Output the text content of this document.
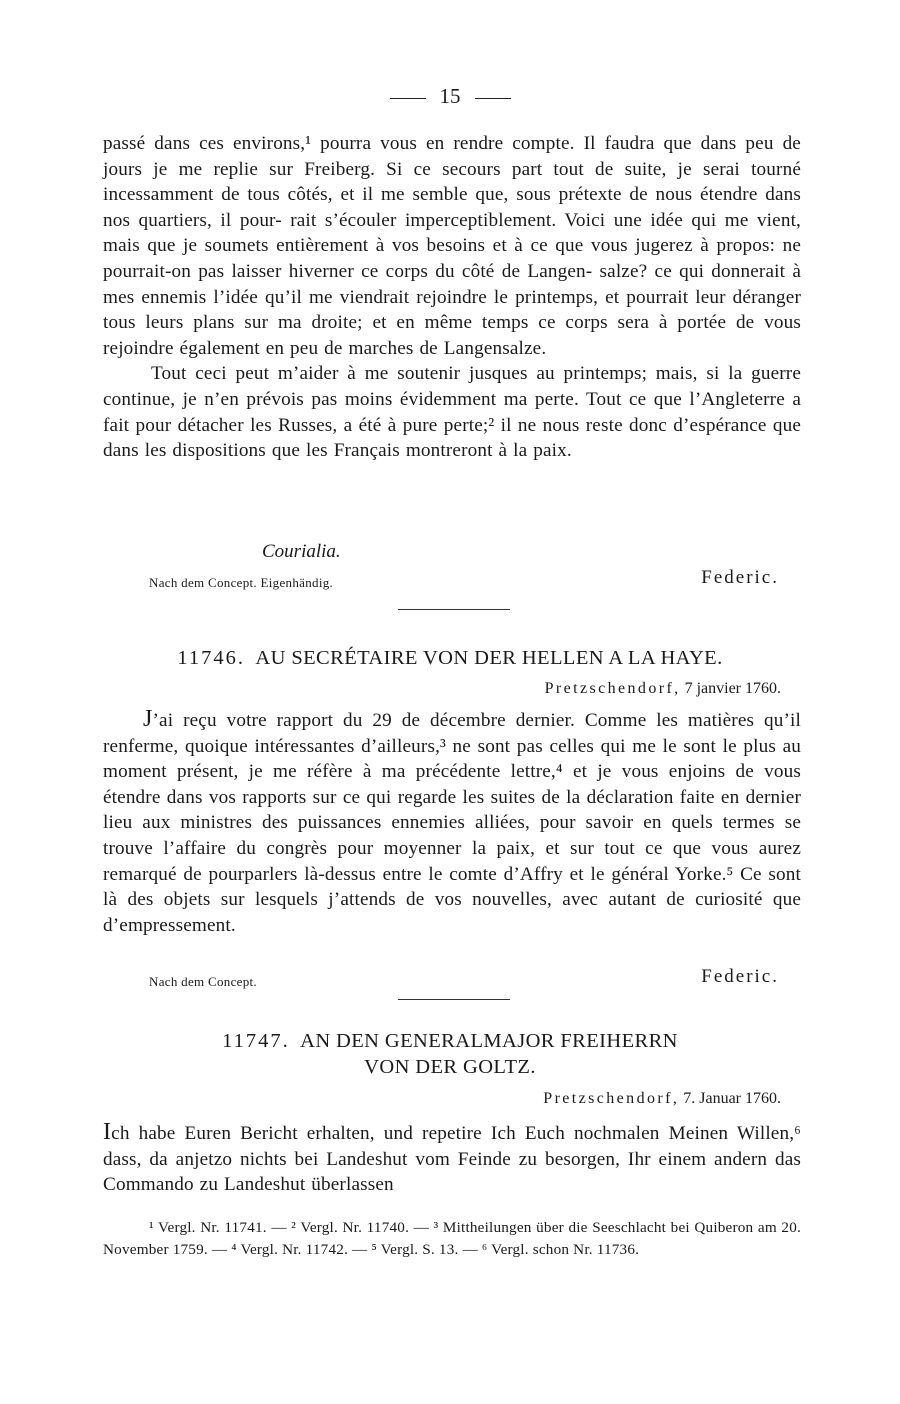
15

passé dans ces environs,¹ pourra vous en rendre compte. Il faudra que dans peu de jours je me replie sur Freiberg. Si ce secours part tout de suite, je serai tourné incessamment de tous côtés, et il me semble que, sous prétexte de nous étendre dans nos quartiers, il pour- rait s’écouler imperceptiblement. Voici une idée qui me vient, mais que je soumets entièrement à vos besoins et à ce que vous jugerez à propos: ne pourrait-on pas laisser hiverner ce corps du côté de Langen- salze? ce qui donnerait à mes ennemis l’idée qu’il me viendrait rejoindre le printemps, et pourrait leur déranger tous leurs plans sur ma droite; et en même temps ce corps sera à portée de vous rejoindre également en peu de marches de Langensalze.

Tout ceci peut m’aider à me soutenir jusques au printemps; mais, si la guerre continue, je n’en prévois pas moins évidemment ma perte. Tout ce que l’Angleterre a fait pour détacher les Russes, a été à pure perte;² il ne nous reste donc d’espérance que dans les dispositions que les Français montreront à la paix.

Courialia.
Nach dem Concept. Eigenhändig.	Federic.
11746. AU SECRÉTAIRE VON DER HELLEN A LA HAYE.
Pretzschendorf, 7 janvier 1760.

J’ai reçu votre rapport du 29 de décembre dernier. Comme les matières qu’il renferme, quoique intéressantes d’ailleurs,³ ne sont pas celles qui me le sont le plus au moment présent, je me réfère à ma précédente lettre,⁴ et je vous enjoins de vous étendre dans vos rapports sur ce qui regarde les suites de la déclaration faite en dernier lieu aux ministres des puissances ennemies alliées, pour savoir en quels termes se trouve l’affaire du congrès pour moyenner la paix, et sur tout ce que vous aurez remarqué de pourparlers là-dessus entre le comte d’Affry et le général Yorke.⁵ Ce sont là des objets sur lesquels j’attends de vos nouvelles, avec autant de curiosité que d’empressement.

Nach dem Concept.	Federic.
11747. AN DEN GENERALMAJOR FREIHERRN
VON DER GOLTZ.
Pretzschendorf, 7. Januar 1760.

Ich habe Euren Bericht erhalten, und repetire Ich Euch nochmalen Meinen Willen,⁶ dass, da anjetzo nichts bei Landeshut vom Feinde zu besorgen, Ihr einem andern das Commando zu Landeshut überlassen

¹ Vergl. Nr. 11741. — ² Vergl. Nr. 11740. — ³ Mittheilungen über die Seeschlacht bei Quiberon am 20. November 1759. — ⁴ Vergl. Nr. 11742. — ⁵ Vergl. S. 13. — ⁶ Vergl. schon Nr. 11736.
